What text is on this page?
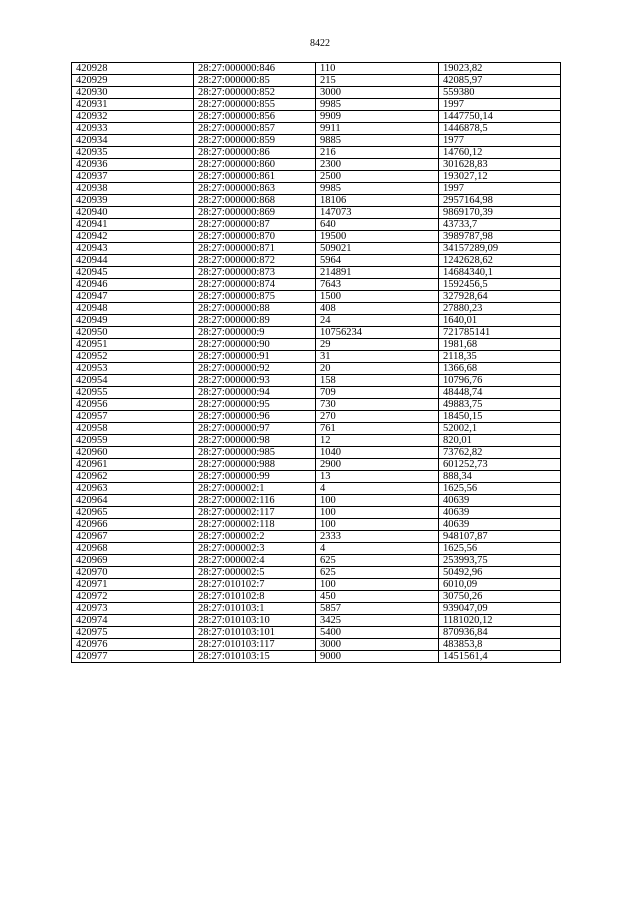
8422
420928	28:27:000000:846	110	19023,82
420929	28:27:000000:85	215	42085,97
420930	28:27:000000:852	3000	559380
420931	28:27:000000:855	9985	1997
420932	28:27:000000:856	9909	1447750,14
420933	28:27:000000:857	9911	1446878,5
420934	28:27:000000:859	9885	1977
420935	28:27:000000:86	216	14760,12
420936	28:27:000000:860	2300	301628,83
420937	28:27:000000:861	2500	193027,12
420938	28:27:000000:863	9985	1997
420939	28:27:000000:868	18106	2957164,98
420940	28:27:000000:869	147073	9869170,39
420941	28:27:000000:87	640	43733,7
420942	28:27:000000:870	19500	3989787,98
420943	28:27:000000:871	509021	34157289,09
420944	28:27:000000:872	5964	1242628,62
420945	28:27:000000:873	214891	14684340,1
420946	28:27:000000:874	7643	1592456,5
420947	28:27:000000:875	1500	327928,64
420948	28:27:000000:88	408	27880,23
420949	28:27:000000:89	24	1640,01
420950	28:27:000000:9	10756234	721785141
420951	28:27:000000:90	29	1981,68
420952	28:27:000000:91	31	2118,35
420953	28:27:000000:92	20	1366,68
420954	28:27:000000:93	158	10796,76
420955	28:27:000000:94	709	48448,74
420956	28:27:000000:95	730	49883,75
420957	28:27:000000:96	270	18450,15
420958	28:27:000000:97	761	52002,1
420959	28:27:000000:98	12	820,01
420960	28:27:000000:985	1040	73762,82
420961	28:27:000000:988	2900	601252,73
420962	28:27:000000:99	13	888,34
420963	28:27:000002:1	4	1625,56
420964	28:27:000002:116	100	40639
420965	28:27:000002:117	100	40639
420966	28:27:000002:118	100	40639
420967	28:27:000002:2	2333	948107,87
420968	28:27:000002:3	4	1625,56
420969	28:27:000002:4	625	253993,75
420970	28:27:000002:5	625	50492,96
420971	28:27:010102:7	100	6010,09
420972	28:27:010102:8	450	30750,26
420973	28:27:010103:1	5857	939047,09
420974	28:27:010103:10	3425	1181020,12
420975	28:27:010103:101	5400	870936,84
420976	28:27:010103:117	3000	483853,8
420977	28:27:010103:15	9000	1451561,4
